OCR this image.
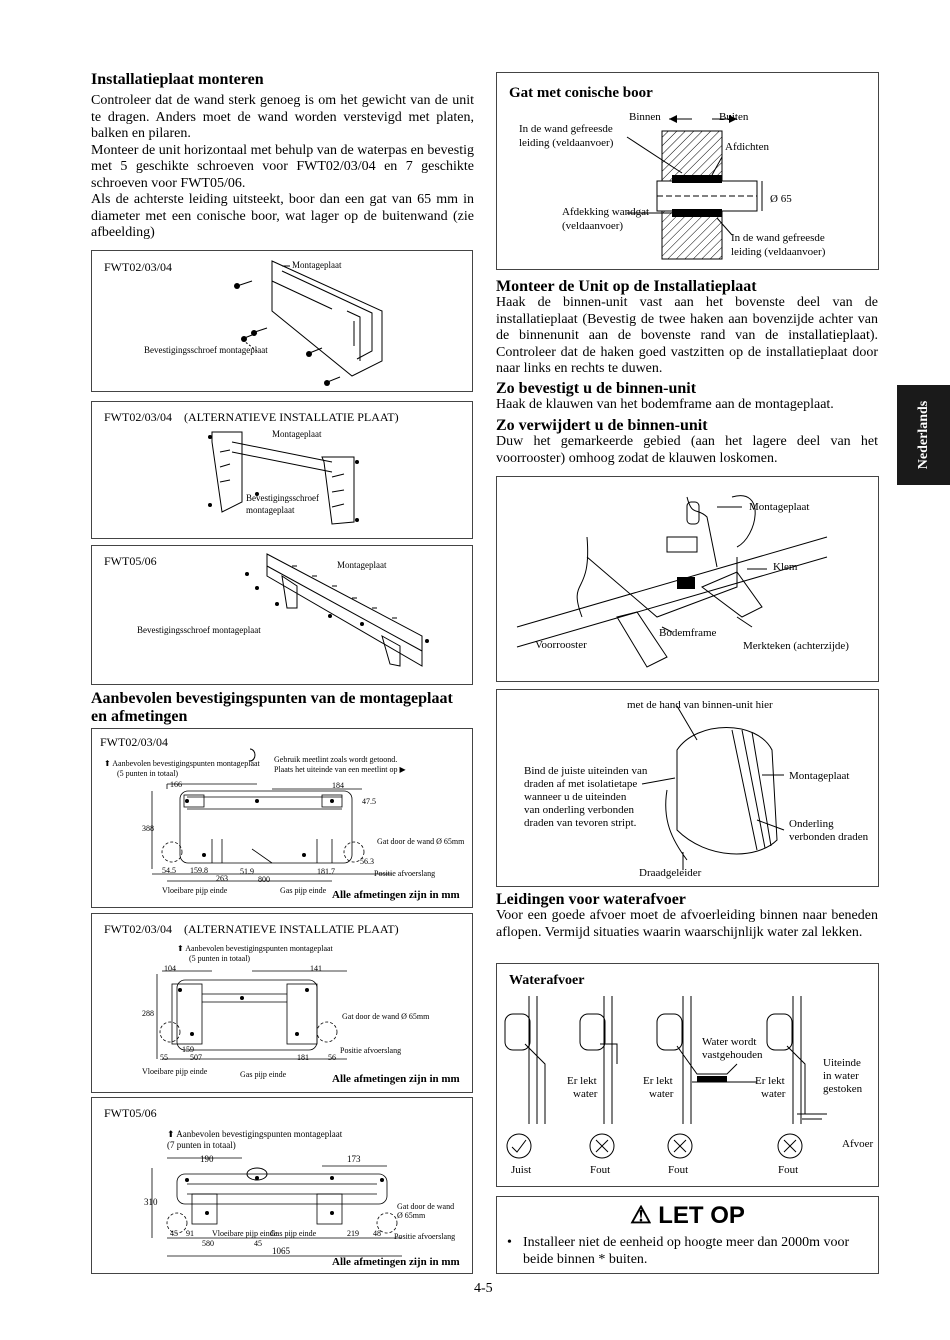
Nederlands
Installatieplaat monteren

Controleer dat de wand sterk genoeg is om het gewicht van de unit te dragen. Anders moet de wand worden verstevigd met platen, balken en pilaren.

Monteer de unit horizontaal met behulp van de waterpas en bevestig met 5 geschikte schroeven voor FWT02/03/04 en 7 geschikte schroeven voor FWT05/06.

Als de achterste leiding uitsteekt, boor dan een gat van 65 mm in diameter met een conische boor, wat lager op de buitenwand (zie afbeelding)

FWT02/03/04	Montageplaat
Bevestigingsschroef montageplaat
FWT02/03/04 (ALTERNATIEVE INSTALLATIE PLAAT)
Montageplaat
Bevestigingsschroef
montageplaat
FWT05/06	Montageplaat
Bevestigingsschroef montageplaat
Aanbevolen bevestigingspunten van de montageplaat
en afmetingen
FWT02/03/04
⬆ Aanbevolen bevestigingspunten montageplaat
(5 punten in totaal)
Gebruik meetlint zoals wordt getoond.
Plaats het uiteinde van een meetlint op ▶
166	184
47.5
388
54.5 159.8
263
51.9
800
181.7
56.3
Gat door de wand Ø 65mm
Positie afvoerslang
Vloeibare pijp einde	Gas pijp einde Alle afmetingen zijn in mm
FWT02/03/04 (ALTERNATIEVE INSTALLATIE PLAAT)
⬆ Aanbevolen bevestigingspunten montageplaat
(5 punten in totaal)
104	141
288
159
55	507	181 56
Gat door de wand Ø 65mm
Positie afvoerslang
Vloeibare pijp einde	Gas pijp einde	Alle afmetingen zijn in mm
FWT05/06
⬆ Aanbevolen bevestigingspunten montageplaat
(7 punten in totaal)
190	173
310
45 91
580	45
219 48
1065
Gat door de wand
Ø 65mm
Positie afvoerslang
Vloeibare pijp einde
Gas pijp einde
Alle afmetingen zijn in mm
Gat met conische boor
Binnen	Buiten
In de wand gefreesde
leiding (veldaanvoer)	Afdichten
Ø 65
Afdekking wandgat
(veldaanvoer)
In de wand gefreesde
leiding (veldaanvoer)
Monteer de Unit op de Installatieplaat

Haak de binnen-unit vast aan het bovenste deel van de installatieplaat (Bevestig de twee haken aan bovenzijde achter van de binnenunit aan de bovenste rand van de installatieplaat). Controleer dat de haken goed vastzitten op de installatieplaat door naar links en rechts te duwen.

Zo bevestigt u de binnen-unit

Haak de klauwen van het bodemframe aan de montageplaat.

Zo verwijdert u de binnen-unit

Duw het gemarkeerde gebied (aan het lagere deel van het voorrooster) omhoog zodat de klauwen loskomen.

Montageplaat
Klem
Bodemframe
Voorrooster	Merkteken (achterzijde)
met de hand van binnen-unit hier
Bind de juiste uiteinden van
draden af met isolatietape
wanneer u de uiteinden
van onderling verbonden
draden van tevoren stript.
Montageplaat
Onderling
verbonden draden
Draadgeleider
Leidingen voor waterafvoer

Voor een goede afvoer moet de afvoerleiding binnen naar beneden aflopen. Vermijd situaties waarin waarschijnlijk water zal lekken.

Waterafvoer
Water wordt
vastgehouden
Er lekt
water
Er lekt
water
Er lekt
water
Uiteinde
in water
gestoken
Afvoer
Juist	Fout	Fout	Fout
⚠ LET OP
• Installeer niet de eenheid op hoogte meer dan 2000m voor beide binnen * buiten.
4-5
